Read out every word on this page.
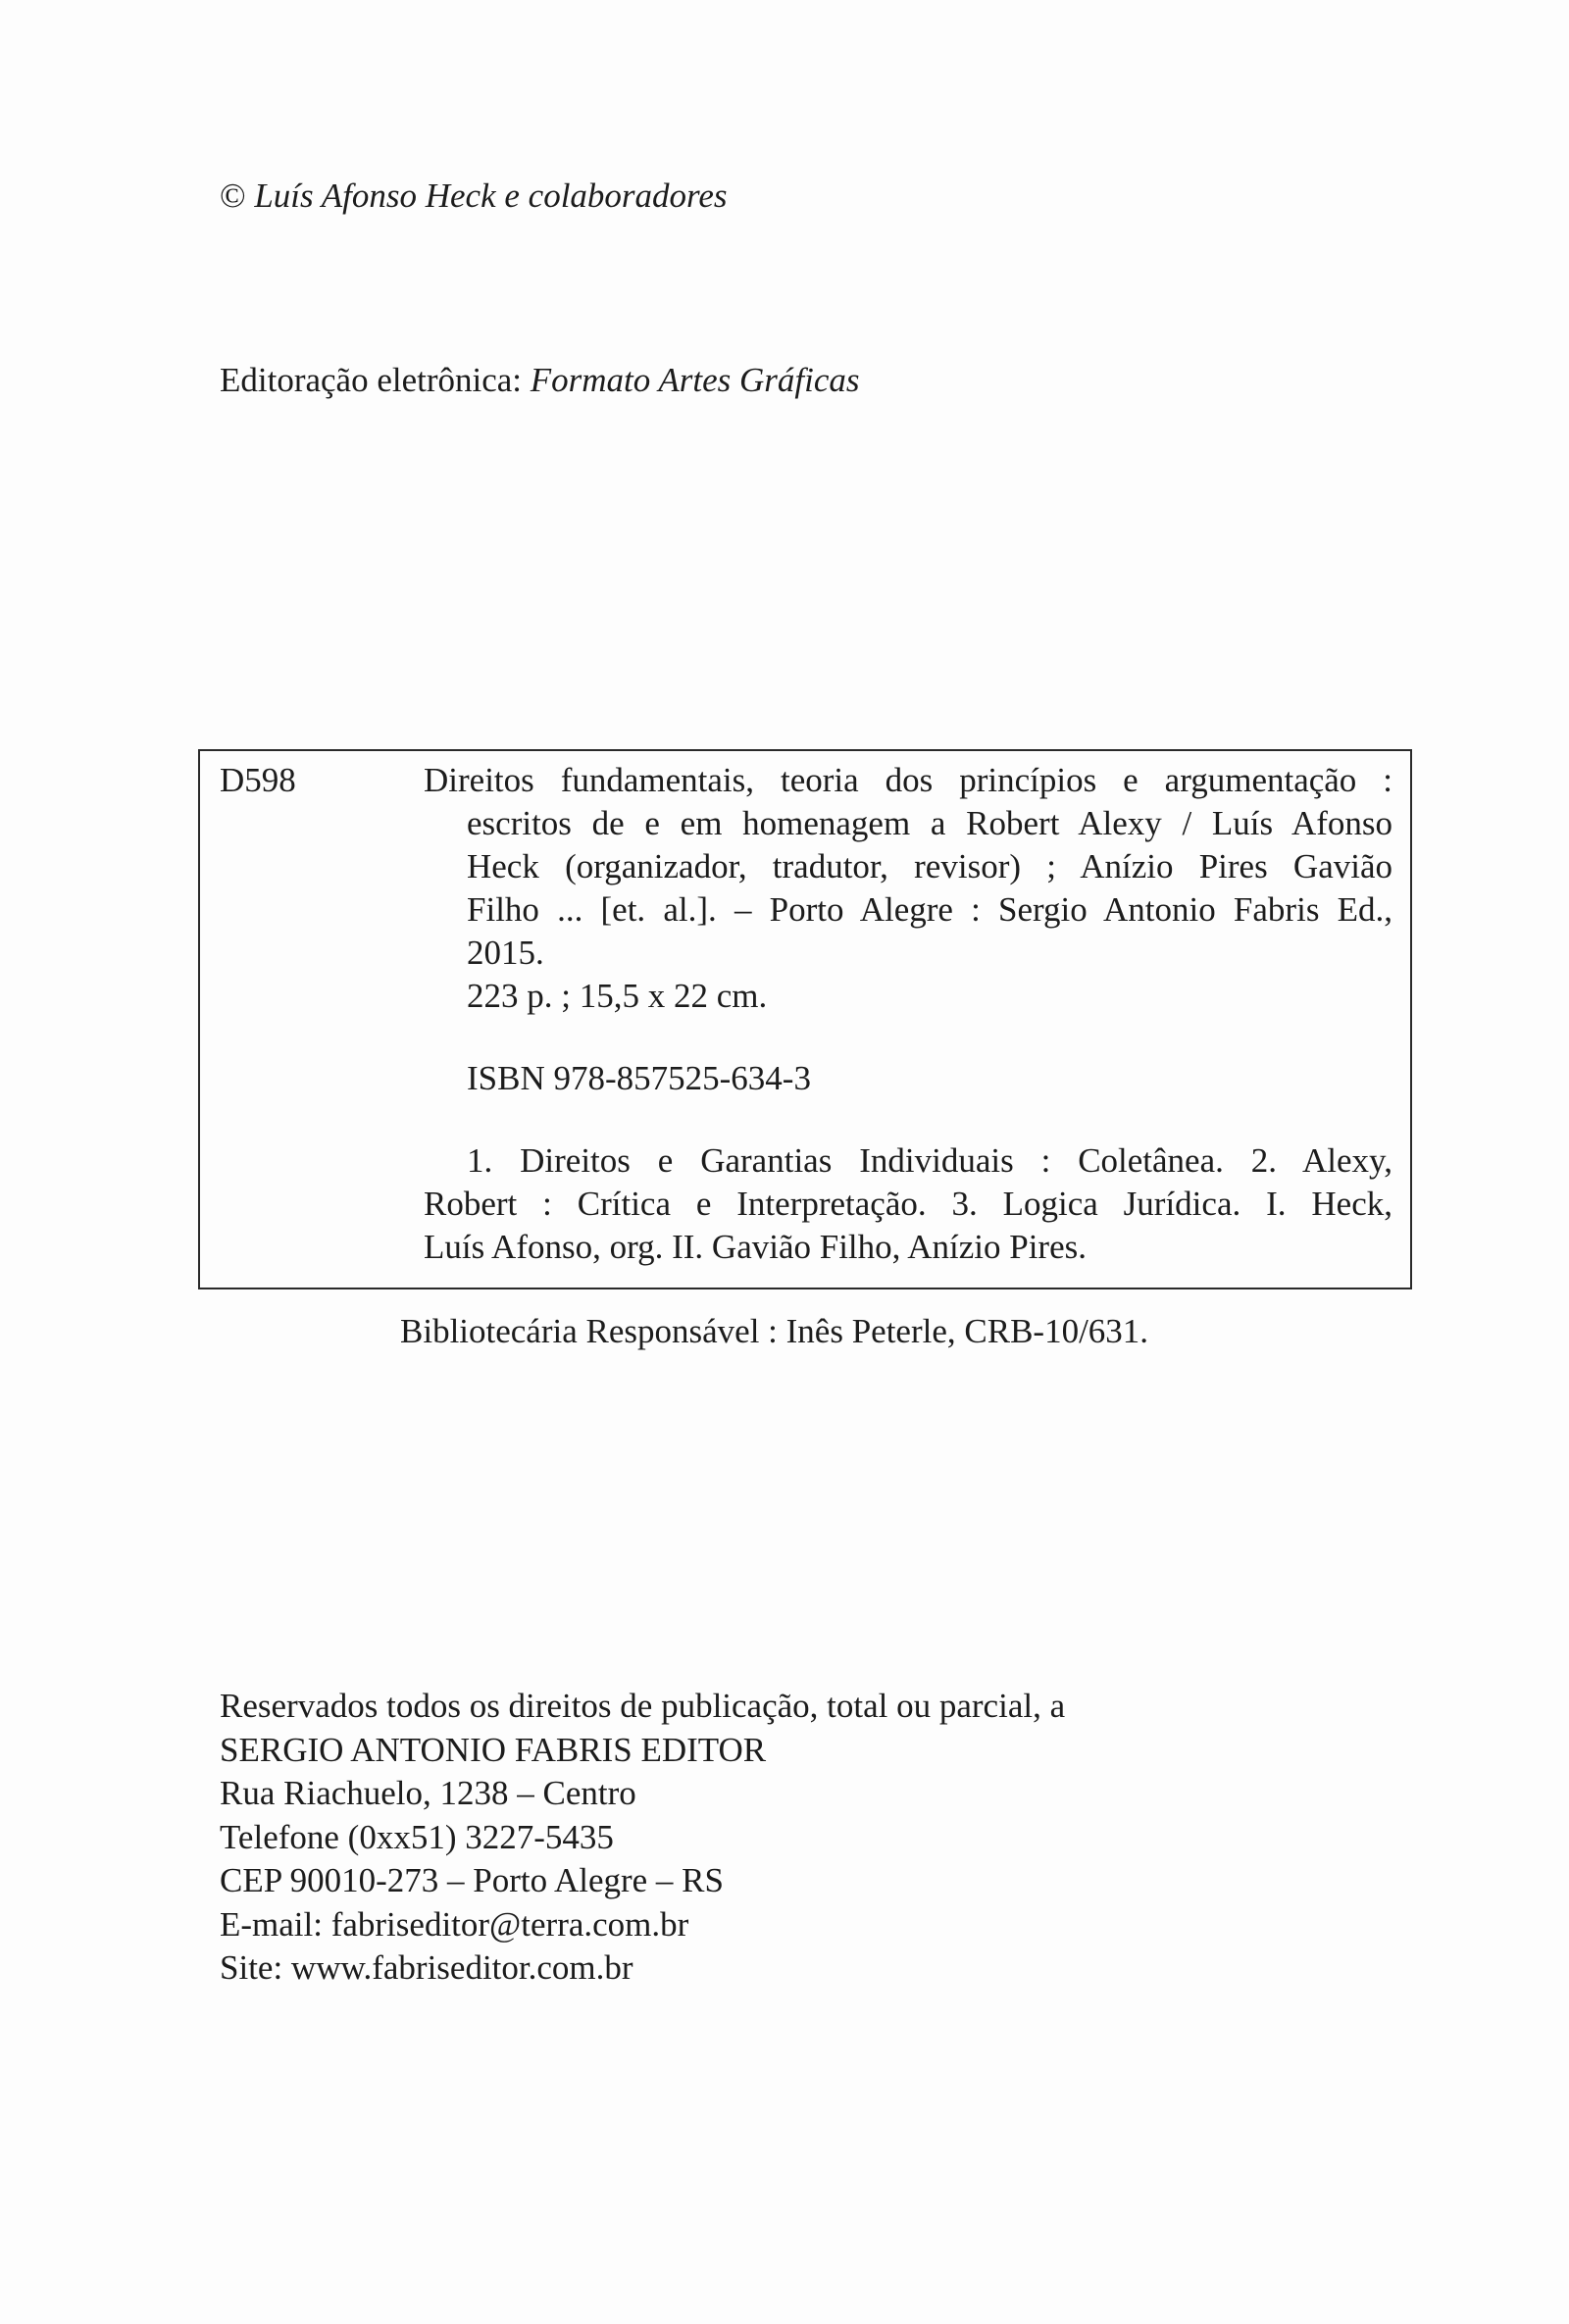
© Luís Afonso Heck e colaboradores
Editoração eletrônica: Formato Artes Gráficas
D598	Direitos fundamentais, teoria dos princípios e argumentação :
escritos de e em homenagem a Robert Alexy / Luís Afonso
Heck (organizador, tradutor, revisor) ; Anízio Pires Gavião
Filho ... [et. al.]. – Porto Alegre : Sergio Antonio Fabris Ed.,
2015.
223 p. ; 15,5 x 22 cm.
ISBN 978-857525-634-3
1. Direitos e Garantias Individuais : Coletânea. 2. Alexy,
Robert : Crítica e Interpretação. 3. Logica Jurídica. I. Heck,
Luís Afonso, org. II. Gavião Filho, Anízio Pires.
Bibliotecária Responsável : Inês Peterle, CRB-10/631.
Reservados todos os direitos de publicação, total ou parcial, a
SERGIO ANTONIO FABRIS EDITOR
Rua Riachuelo, 1238 – Centro
Telefone (0xx51) 3227-5435
CEP 90010-273 – Porto Alegre – RS
E-mail: fabriseditor@terra.com.br
Site: www.fabriseditor.com.br
